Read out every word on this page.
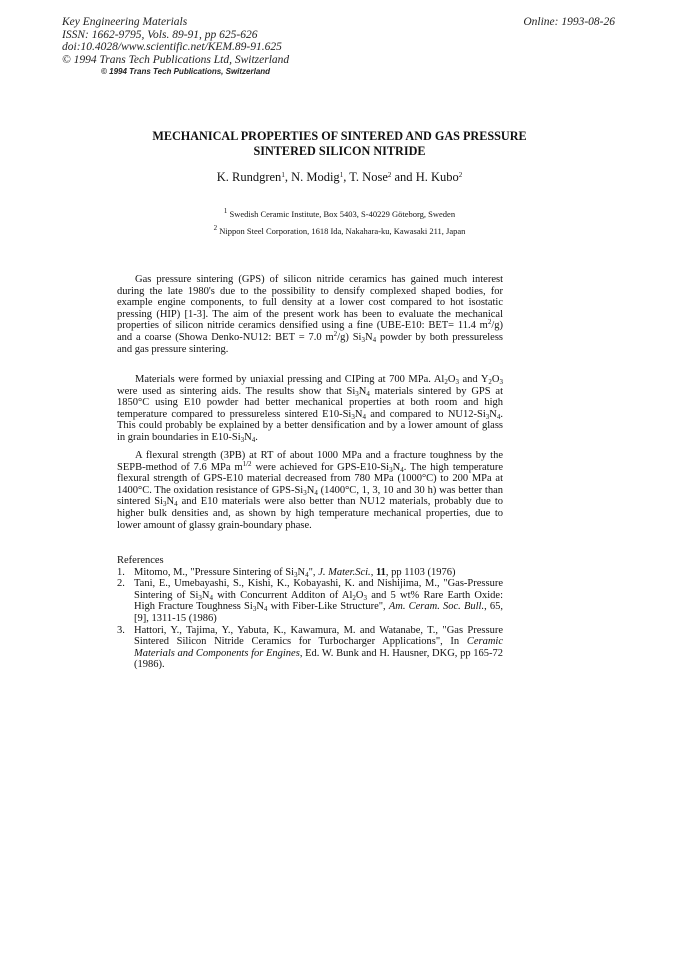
Key Engineering Materials
ISSN: 1662-9795, Vols. 89-91, pp 625-626
doi:10.4028/www.scientific.net/KEM.89-91.625
© 1994 Trans Tech Publications Ltd, Switzerland
Online: 1993-08-26
© 1994 Trans Tech Publications, Switzerland
MECHANICAL PROPERTIES OF SINTERED AND GAS PRESSURE
SINTERED SILICON NITRIDE
K. Rundgren$^1$, N. Modig$^1$, T. Nose$^2$ and H. Kubo$^2$
$^1$ Swedish Ceramic Institute, Box 5403, S-40229 Göteborg, Sweden
$^2$ Nippon Steel Corporation, 1618 Ida, Nakahara-ku, Kawasaki 211, Japan

Gas pressure sintering (GPS) of silicon nitride ceramics has gained much interest during the late 1980's due to the possibility to densify complexed shaped bodies, for example engine components, to full density at a lower cost compared to hot isostatic pressing (HIP) [1-3]. The aim of the present work has been to evaluate the mechanical properties of silicon nitride ceramics densified using a fine (UBE-E10: BET= 11.4 $m^2/g$) and a coarse (Showa Denko-NU12: BET = 7.0 $m^2/g$) $Si_3N_4$ powder by both pressureless and gas pressure sintering.

Materials were formed by uniaxial pressing and CIPing at 700 MPa. $Al_2O_3$ and $Y_2O_3$ were used as sintering aids. The results show that $Si_3N_4$ materials sintered by GPS at 1850°C using E10 powder had better mechanical properties at both room and high temperature compared to pressureless sintered $E10-Si_3N_4$ and compared to $NU12-Si_3N_4$. This could probably be explained by a better densification and by a lower amount of glass in grain boundaries in $E10-Si_3N_4$.

A flexural strength (3PB) at RT of about 1000 MPa and a fracture toughness by the SEPB-method of 7.6 MPa $m^{1/2}$ were achieved for GPS-$E10-Si_3N_4$. The high temperature flexural strength of GPS-E10 material decreased from 780 MPa (1000°C) to 200 MPa at 1400°C. The oxidation resistance of GPS-$Si_3N_4$ (1400°C, 1, 3, 10 and 30 h) was better than sintered $Si_3N_4$ and E10 materials were also better than NU12 materials, probably due to higher bulk densities and, as shown by high temperature mechanical properties, due to lower amount of glassy grain-boundary phase.

References
1. Mitomo, M., "Pressure Sintering of $Si_3N_4$", J. Mater.Sci., 11, pp 1103 (1976)
2. Tani, E., Umebayashi, S., Kishi, K., Kobayashi, K. and Nishijima, M., "Gas-Pressure Sintering of $Si_3N_4$ with Concurrent Additon of $Al_2O_3$ and 5 wt% Rare Earth Oxide: High Fracture Toughness $Si_3N_4$ with Fiber-Like Structure", Am. Ceram. Soc. Bull., 65, [9], 1311-15 (1986)
3. Hattori, Y., Tajima, Y., Yabuta, K., Kawamura, M. and Watanabe, T., "Gas Pressure Sintered Silicon Nitride Ceramics for Turbocharger Applications", In Ceramic Materials and Components for Engines, Ed. W. Bunk and H. Hausner, DKG, pp 165-72 (1986).
